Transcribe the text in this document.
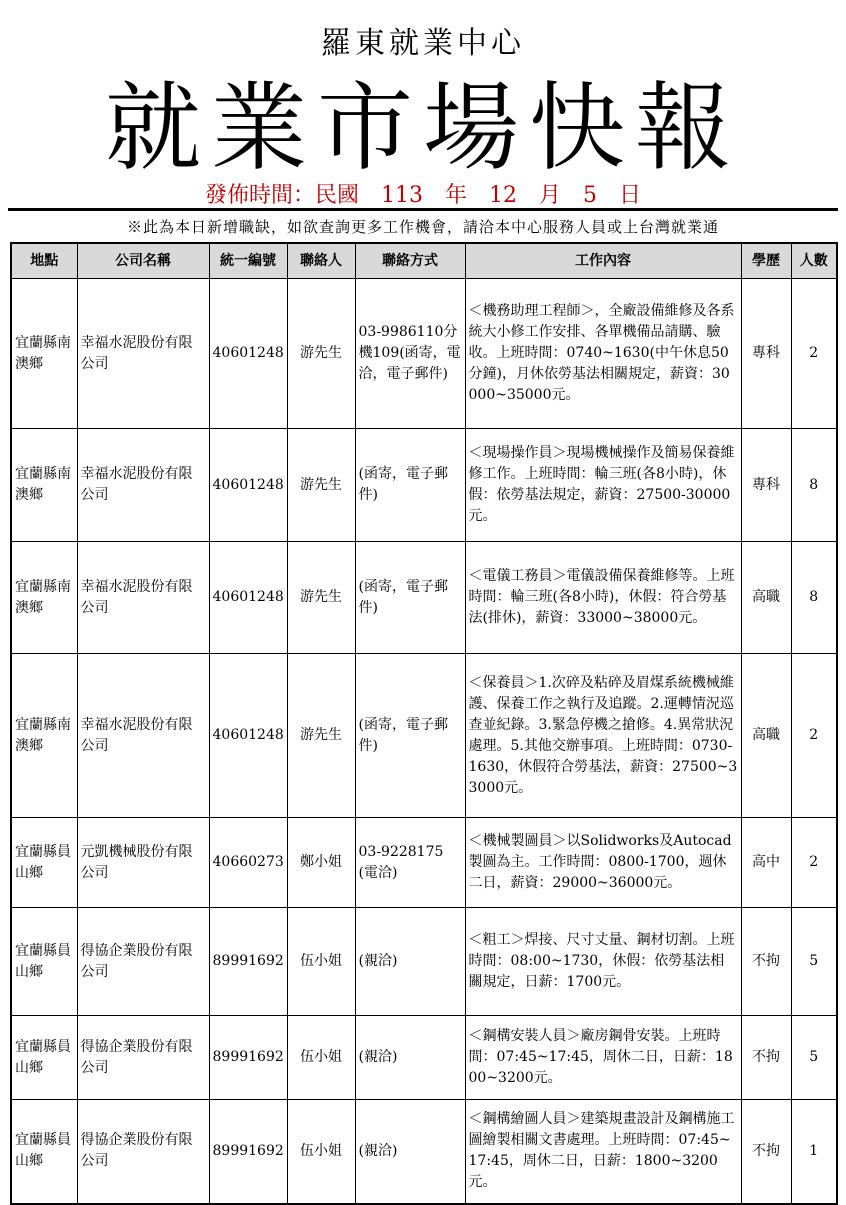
羅東就業中心
就業市場快報
發佈時間：民國　113　年　12　月　5　日
※此為本日新增職缺，如欲查詢更多工作機會，請洽本中心服務人員或上台灣就業通
地點	公司名稱	統一編號	聯絡人	聯絡方式	工作內容	學歷	人數
宜蘭縣南澳鄉	幸福水泥股份有限公司	40601248	游先生	03-9986110分機109(函寄，電洽，電子郵件)	＜機務助理工程師＞，全廠設備維修及各系統大小修工作安排、各單機備品請購、驗收。上班時間：0740~1630(中午休息50分鐘)，月休依勞基法相關規定，薪資：30000~35000元。	專科	2
宜蘭縣南澳鄉	幸福水泥股份有限公司	40601248	游先生	(函寄，電子郵件)	＜現場操作員＞現場機械操作及簡易保養維修工作。上班時間：輪三班(各8小時)，休假：依勞基法規定，薪資：27500-30000元。	專科	8
宜蘭縣南澳鄉	幸福水泥股份有限公司	40601248	游先生	(函寄，電子郵件)	＜電儀工務員＞電儀設備保養維修等。上班時間：輪三班(各8小時)，休假：符合勞基法(排休)，薪資：33000~38000元。	高職	8
宜蘭縣南澳鄉	幸福水泥股份有限公司	40601248	游先生	(函寄，電子郵件)	＜保養員＞1.次碎及粘碎及眉煤系統機械維護、保養工作之執行及追蹤。2.運轉情況巡查並紀錄。3.緊急停機之搶修。4.異常狀況處理。5.其他交辦事項。上班時間：0730-1630，休假符合勞基法，薪資：27500~33000元。	高職	2
宜蘭縣員山鄉	元凱機械股份有限公司	40660273	鄭小姐	03-9228175(電洽)	＜機械製圖員＞以Solidworks及Autocad製圖為主。工作時間：0800-1700，週休二日，薪資：29000~36000元。	高中	2
宜蘭縣員山鄉	得協企業股份有限公司	89991692	伍小姐	(親洽)	＜粗工＞焊接、尺寸丈量、鋼材切割。上班時間：08:00~1730，休假：依勞基法相關規定，日薪：1700元。	不拘	5
宜蘭縣員山鄉	得協企業股份有限公司	89991692	伍小姐	(親洽)	＜鋼構安裝人員＞廠房鋼骨安裝。上班時間：07:45~17:45，周休二日，日薪：1800~3200元。	不拘	5
宜蘭縣員山鄉	得協企業股份有限公司	89991692	伍小姐	(親洽)	＜鋼構繪圖人員＞建築規畫設計及鋼構施工圖繪製相關文書處理。上班時間：07:45~17:45，周休二日，日薪：1800~3200元。	不拘	1
